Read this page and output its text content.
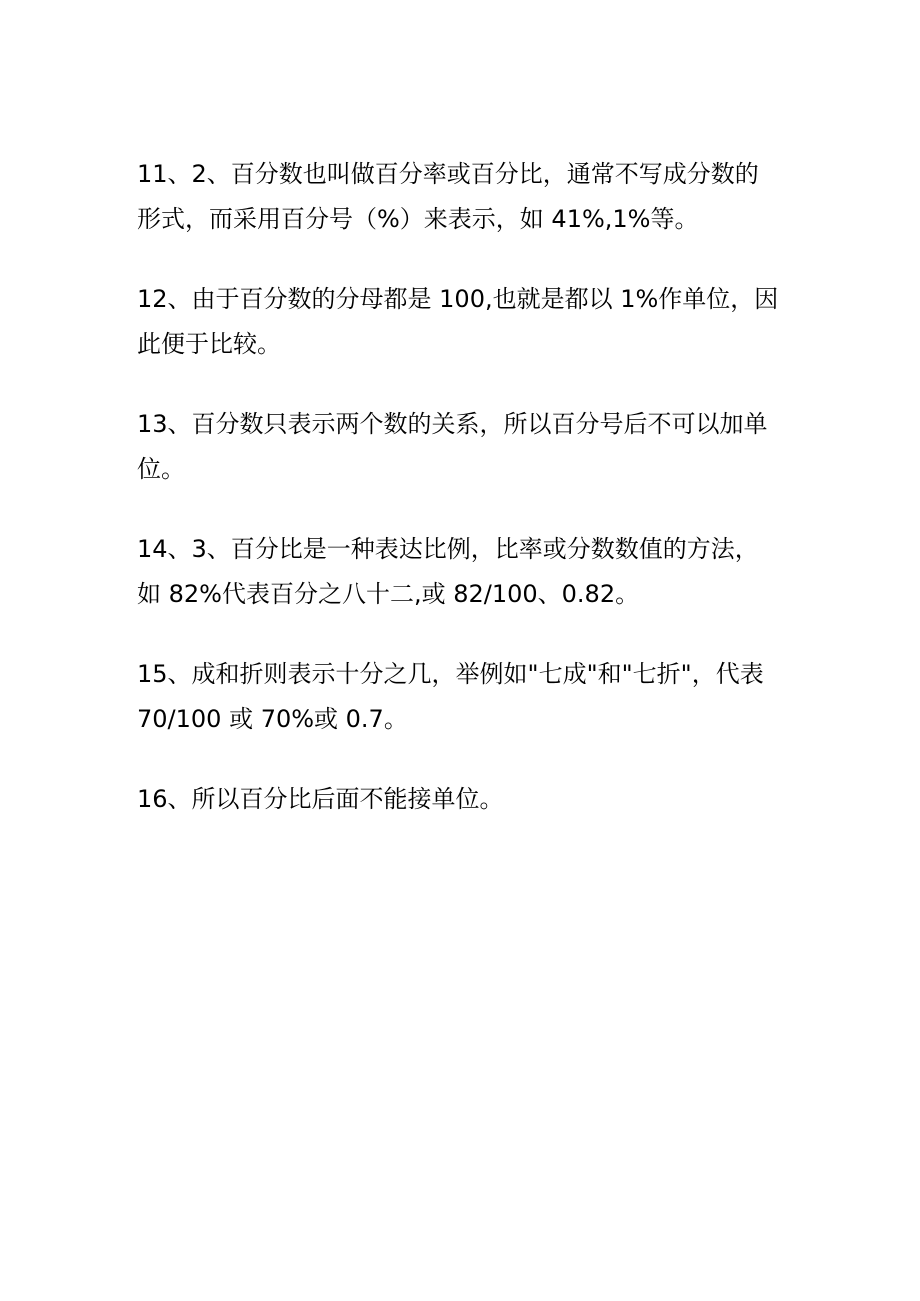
11、2、百分数也叫做百分率或百分比，通常不写成分数的
形式，而采用百分号（%）来表示，如 41%,1%等。
12、由于百分数的分母都是 100,也就是都以 1%作单位，因
此便于比较。
13、百分数只表示两个数的关系，所以百分号后不可以加单
位。
14、3、百分比是一种表达比例，比率或分数数值的方法，
如 82%代表百分之八十二,或 82/100、0.82。
15、成和折则表示十分之几，举例如"七成"和"七折"，代表
70/100 或 70%或 0.7。
16、所以百分比后面不能接单位。
